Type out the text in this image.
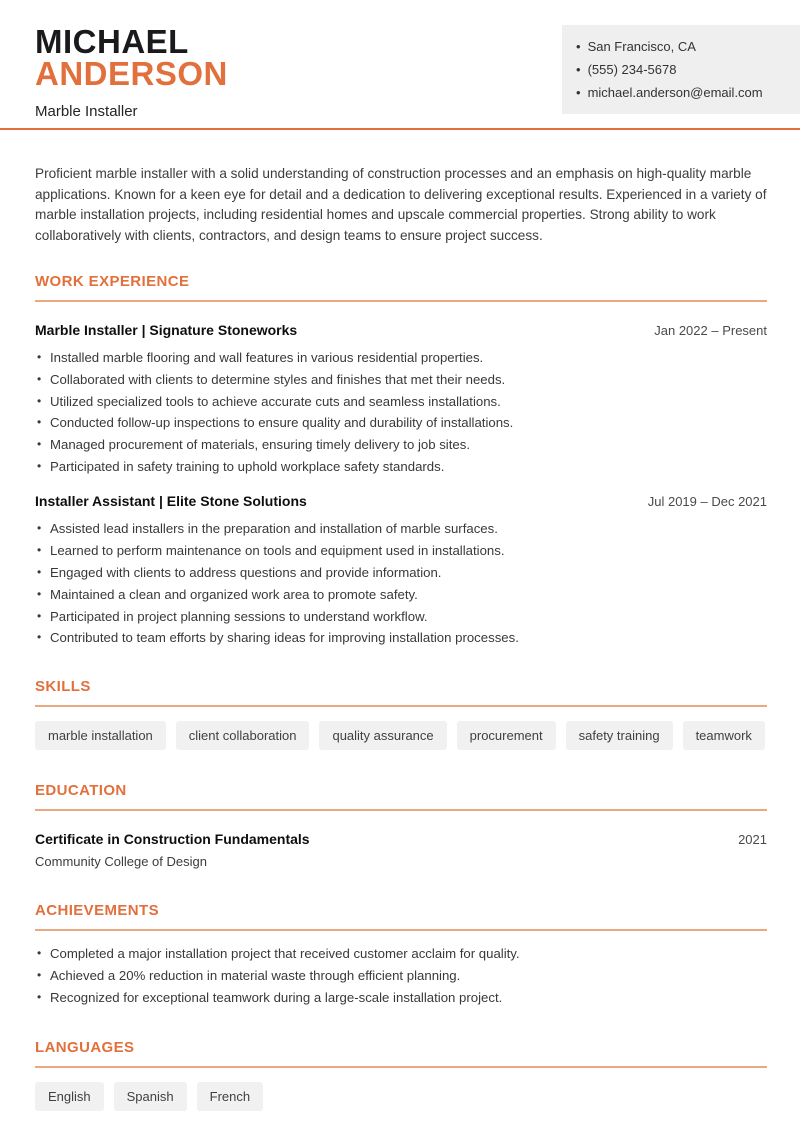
MICHAEL
ANDERSON
Marble Installer
• San Francisco, CA
• (555) 234-5678
• michael.anderson@email.com

Proficient marble installer with a solid understanding of construction processes and an emphasis on high-quality marble applications. Known for a keen eye for detail and a dedication to delivering exceptional results. Experienced in a variety of marble installation projects, including residential homes and upscale commercial properties. Strong ability to work collaboratively with clients, contractors, and design teams to ensure project success.

WORK EXPERIENCE
Marble Installer | Signature Stoneworks	Jan 2022 – Present
• Installed marble flooring and wall features in various residential properties.
• Collaborated with clients to determine styles and finishes that met their needs.
• Utilized specialized tools to achieve accurate cuts and seamless installations.
• Conducted follow-up inspections to ensure quality and durability of installations.
• Managed procurement of materials, ensuring timely delivery to job sites.
• Participated in safety training to uphold workplace safety standards.
Installer Assistant | Elite Stone Solutions	Jul 2019 – Dec 2021
• Assisted lead installers in the preparation and installation of marble surfaces.
• Learned to perform maintenance on tools and equipment used in installations.
• Engaged with clients to address questions and provide information.
• Maintained a clean and organized work area to promote safety.
• Participated in project planning sessions to understand workflow.
• Contributed to team efforts by sharing ideas for improving installation processes.
SKILLS
marble installation	client collaboration	quality assurance	procurement	safety training	teamwork
EDUCATION
Certificate in Construction Fundamentals	2021
Community College of Design
ACHIEVEMENTS
• Completed a major installation project that received customer acclaim for quality.
• Achieved a 20% reduction in material waste through efficient planning.
• Recognized for exceptional teamwork during a large-scale installation project.
LANGUAGES
English	Spanish	French
